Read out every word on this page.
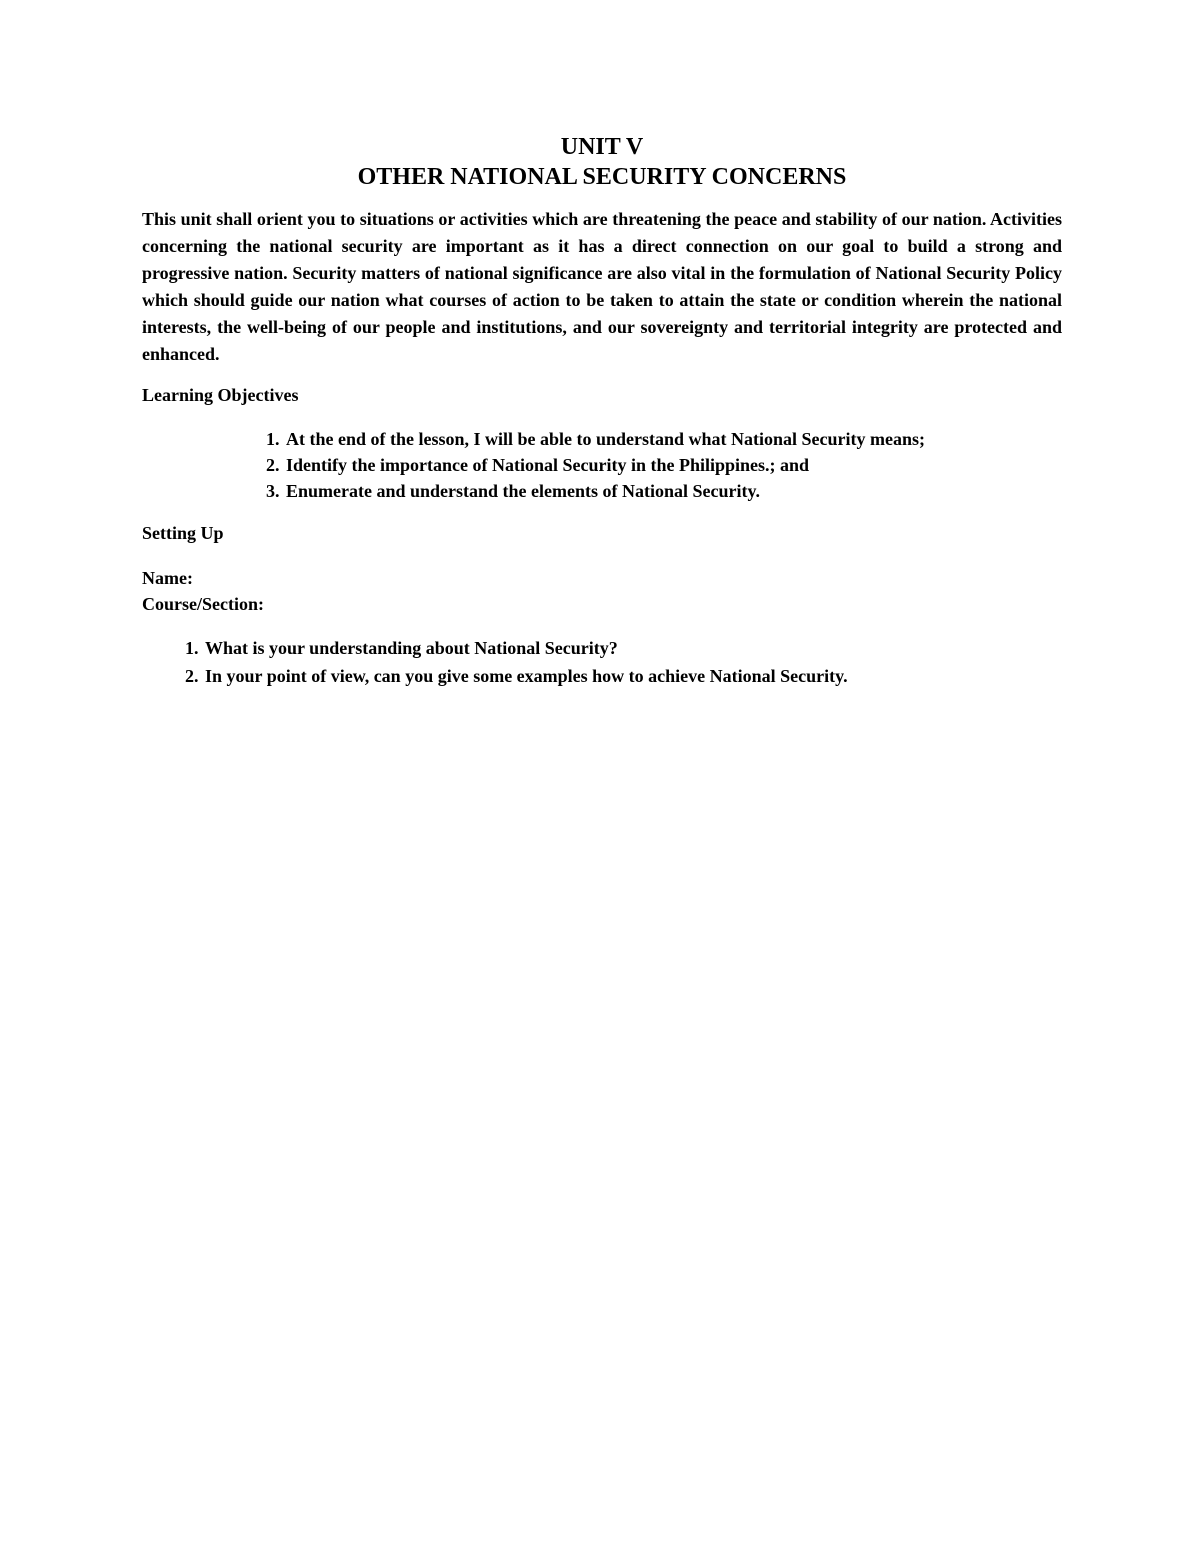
UNIT V

OTHER NATIONAL SECURITY CONCERNS

This unit shall orient you to situations or activities which are threatening the peace and stability of our nation. Activities concerning the national security are important as it has a direct connection on our goal to build a strong and progressive nation. Security matters of national significance are also vital in the formulation of National Security Policy which should guide our nation what courses of action to be taken to attain the state or condition wherein the national interests, the well-being of our people and institutions, and our sovereignty and territorial integrity are protected and enhanced.

Learning Objectives

1. At the end of the lesson, I will be able to understand what National Security means;
2. Identify the importance of National Security in the Philippines.; and
3. Enumerate and understand the elements of National Security.

Setting Up

Name:

Course/Section:

1. What is your understanding about National Security?
2. In your point of view, can you give some examples how to achieve National Security.
